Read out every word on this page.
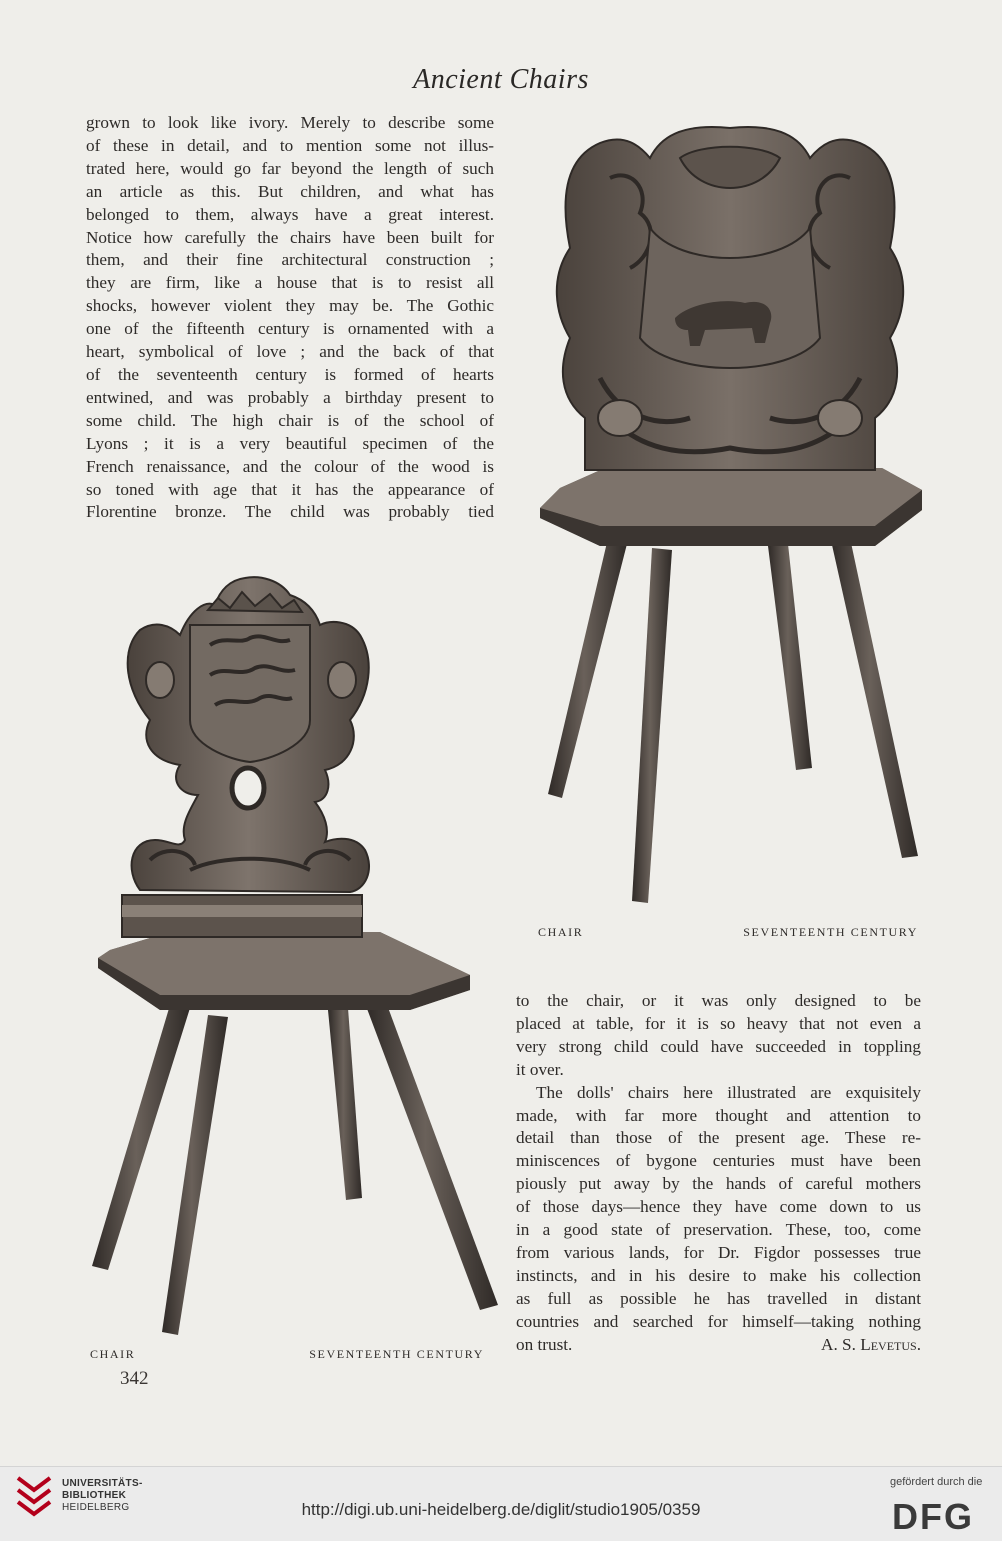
Ancient Chairs
grown to look like ivory. Merely to describe some
of these in detail, and to mention some not illus-
trated here, would go far beyond the length of such
an article as this. But children, and what has
belonged to them, always have a great interest.
Notice how carefully the chairs have been built for
them, and their fine architectural construction ;
they are firm, like a house that is to resist all
shocks, however violent they may be. The Gothic
one of the fifteenth century is ornamented with a
heart, symbolical of love ; and the back of that
of the seventeenth century is formed of hearts
entwined, and was probably a birthday present to
some child. The high chair is of the school of
Lyons ; it is a very beautiful specimen of the
French renaissance, and the colour of the wood is
so toned with age that it has the appearance of
Florentine bronze. The child was probably tied
CHAIR	SEVENTEENTH CENTURY
CHAIR	SEVENTEENTH CENTURY
to the chair, or it was only designed to be
placed at table, for it is so heavy that not even a
very strong child could have succeeded in toppling
it over.
The dolls' chairs here illustrated are exquisitely
made, with far more thought and attention to
detail than those of the present age. These re-
miniscences of bygone centuries must have been
piously put away by the hands of careful mothers
of those days—hence they have come down to us
in a good state of preservation. These, too, come
from various lands, for Dr. Figdor possesses true
instincts, and in his desire to make his collection
as full as possible he has travelled in distant
countries and searched for himself—taking nothing
on trust.	A. S. Levetus.
342
UNIVERSITÄTS-
BIBLIOTHEK
HEIDELBERG	http://digi.ub.uni-heidelberg.de/diglit/studio1905/0359
gefördert durch die
DFG
